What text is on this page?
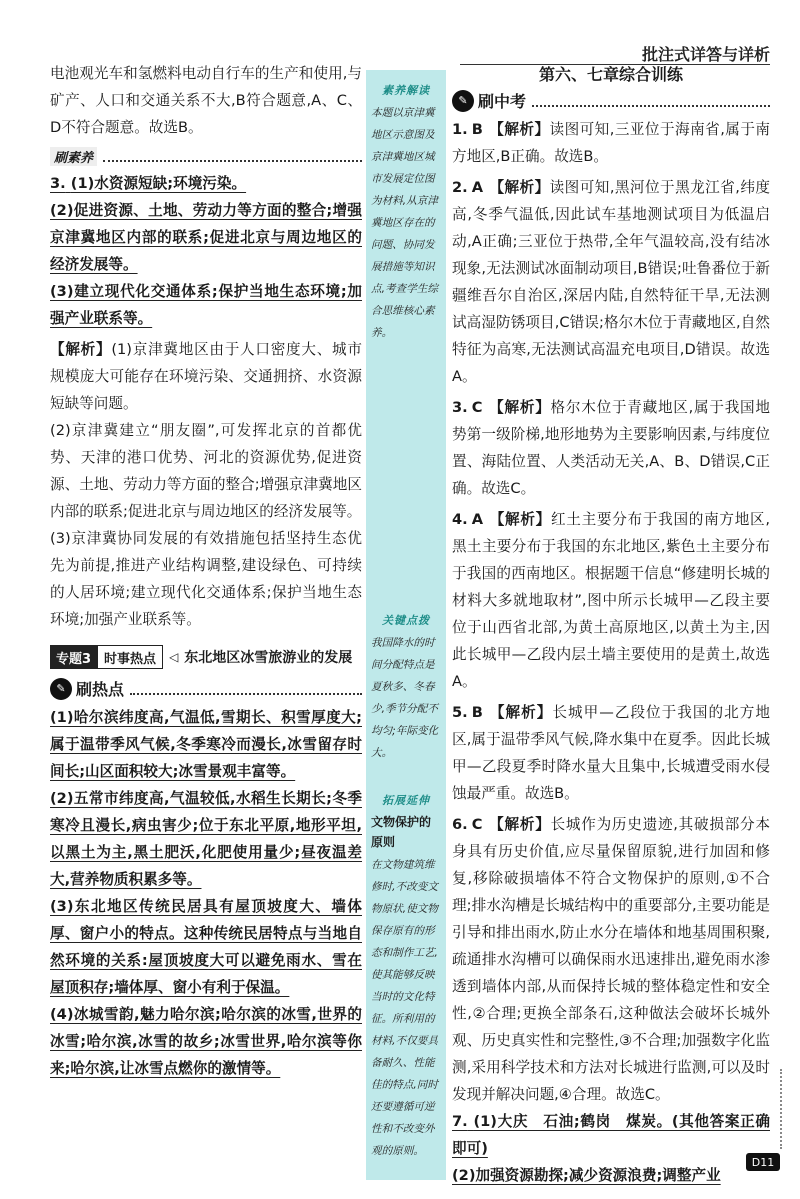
批注式详答与详析

电池观光车和氢燃料电动自行车的生产和使用,与矿产、人口和交通关系不大,B符合题意,A、C、D不符合题意。故选B。

刷素养

3. (1)水资源短缺;环境污染。

(2)促进资源、土地、劳动力等方面的整合;增强京津冀地区内部的联系;促进北京与周边地区的经济发展等。

(3)建立现代化交通体系;保护当地生态环境;加强产业联系等。

【解析】(1)京津冀地区由于人口密度大、城市规模庞大可能存在环境污染、交通拥挤、水资源短缺等问题。

(2)京津冀建立“朋友圈”,可发挥北京的首都优势、天津的港口优势、河北的资源优势,促进资源、土地、劳动力等方面的整合;增强京津冀地区内部的联系;促进北京与周边地区的经济发展等。

(3)京津冀协同发展的有效措施包括坚持生态优先为前提,推进产业结构调整,建设绿色、可持续的人居环境;建立现代化交通体系;保护当地生态环境;加强产业联系等。

专题3	时事热点	◁ 东北地区冰雪旅游业的发展
✎ 刷热点

(1)哈尔滨纬度高,气温低,雪期长、积雪厚度大;属于温带季风气候,冬季寒冷而漫长,冰雪留存时间长;山区面积较大;冰雪景观丰富等。

(2)五常市纬度高,气温较低,水稻生长期长;冬季寒冷且漫长,病虫害少;位于东北平原,地形平坦,以黑土为主,黑土肥沃,化肥使用量少;昼夜温差大,营养物质积累多等。

(3)东北地区传统民居具有屋顶坡度大、墙体厚、窗户小的特点。这种传统民居特点与当地自然环境的关系:屋顶坡度大可以避免雨水、雪在屋顶积存;墙体厚、窗小有利于保温。

(4)冰城雪韵,魅力哈尔滨;哈尔滨的冰雪,世界的冰雪;哈尔滨,冰雪的故乡;冰雪世界,哈尔滨等你来;哈尔滨,让冰雪点燃你的激情等。

素养解读
本题以京津冀地区示意图及京津冀地区城市发展定位图为材料,从京津冀地区存在的问题、协同发展措施等知识点,考查学生综合思维核心素养。
关键点拨
我国降水的时间分配特点是夏秋多、冬春少,季节分配不均匀;年际变化大。
拓展延伸
文物保护的原则
在文物建筑维修时,不改变文物原状,使文物保存原有的形态和制作工艺,使其能够反映当时的文化特征。所利用的材料,不仅要具备耐久、性能佳的特点,同时还要遵循可逆性和不改变外观的原则。
第六、七章综合训练
✎ 刷中考

1. B 【解析】读图可知,三亚位于海南省,属于南方地区,B正确。故选B。

2. A 【解析】读图可知,黑河位于黑龙江省,纬度高,冬季气温低,因此试车基地测试项目为低温启动,A正确;三亚位于热带,全年气温较高,没有结冰现象,无法测试冰面制动项目,B错误;吐鲁番位于新疆维吾尔自治区,深居内陆,自然特征干旱,无法测试高湿防锈项目,C错误;格尔木位于青藏地区,自然特征为高寒,无法测试高温充电项目,D错误。故选A。

3. C 【解析】格尔木位于青藏地区,属于我国地势第一级阶梯,地形地势为主要影响因素,与纬度位置、海陆位置、人类活动无关,A、B、D错误,C正确。故选C。

4. A 【解析】红土主要分布于我国的南方地区,黑土主要分布于我国的东北地区,紫色土主要分布于我国的西南地区。根据题干信息“修建明长城的材料大多就地取材”,图中所示长城甲—乙段主要位于山西省北部,为黄土高原地区,以黄土为主,因此长城甲—乙段内层土墙主要使用的是黄土,故选A。

5. B 【解析】长城甲—乙段位于我国的北方地区,属于温带季风气候,降水集中在夏季。因此长城甲—乙段夏季时降水量大且集中,长城遭受雨水侵蚀最严重。故选B。

6. C 【解析】长城作为历史遗迹,其破损部分本身具有历史价值,应尽量保留原貌,进行加固和修复,移除破损墙体不符合文物保护的原则,①不合理;排水沟槽是长城结构中的重要部分,主要功能是引导和排出雨水,防止水分在墙体和地基周围积聚,疏通排水沟槽可以确保雨水迅速排出,避免雨水渗透到墙体内部,从而保持长城的整体稳定性和安全性,②合理;更换全部条石,这种做法会破坏长城外观、历史真实性和完整性,③不合理;加强数字化监测,采用科学技术和方法对长城进行监测,可以及时发现并解决问题,④合理。故选C。

7. (1)大庆　石油;鹤岗　煤炭。(其他答案正确即可)

(2)加强资源勘探;减少资源浪费;调整产业

D11
